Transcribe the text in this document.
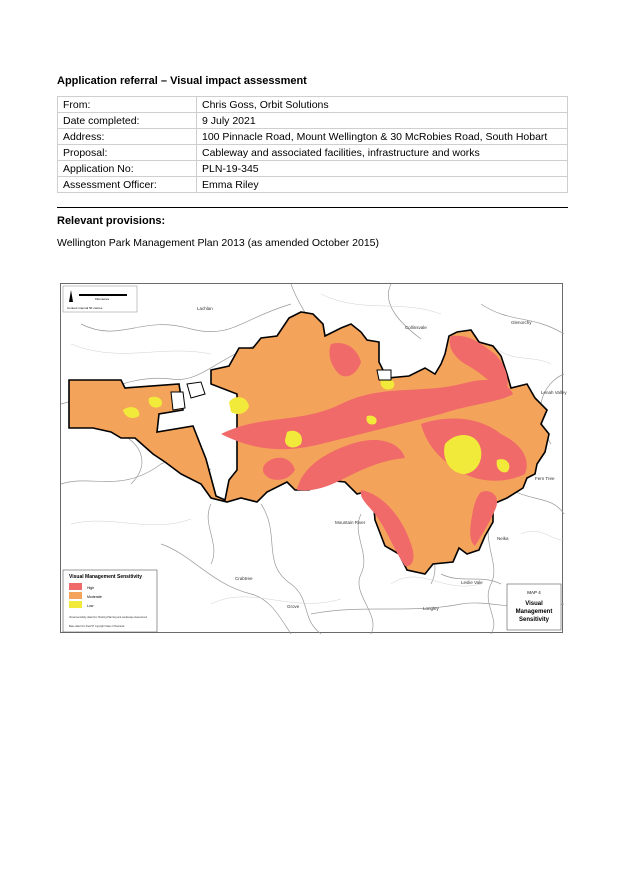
Application referral – Visual impact assessment
From:	Chris Goss, Orbit Solutions
Date completed:	9 July 2021
Address:	100 Pinnacle Road, Mount Wellington & 30 McRobies Road, South Hobart
Proposal:	Cableway and associated facilities, infrastructure and works
Application No:	PLN-19-345
Assessment Officer:	Emma Riley
Relevant provisions:
Wellington Park Management Plan 2013 (as amended October 2015)
Lachlan
Collinsvale
Glenorchy
Lenah Valley
Fern Tree
Mountain River
Neika
Leslie Vale
Longley
Crabtree
Grove
Kilometres
Contour interval 50 metres
Visual Management Sensitivity
High
Moderate
Low
Visual sensitivity data from Hocking Planning and Landscape Assessment
Base data from theLIST copyright State of Tasmania
MAP 4
Visual
Management
Sensitivity
